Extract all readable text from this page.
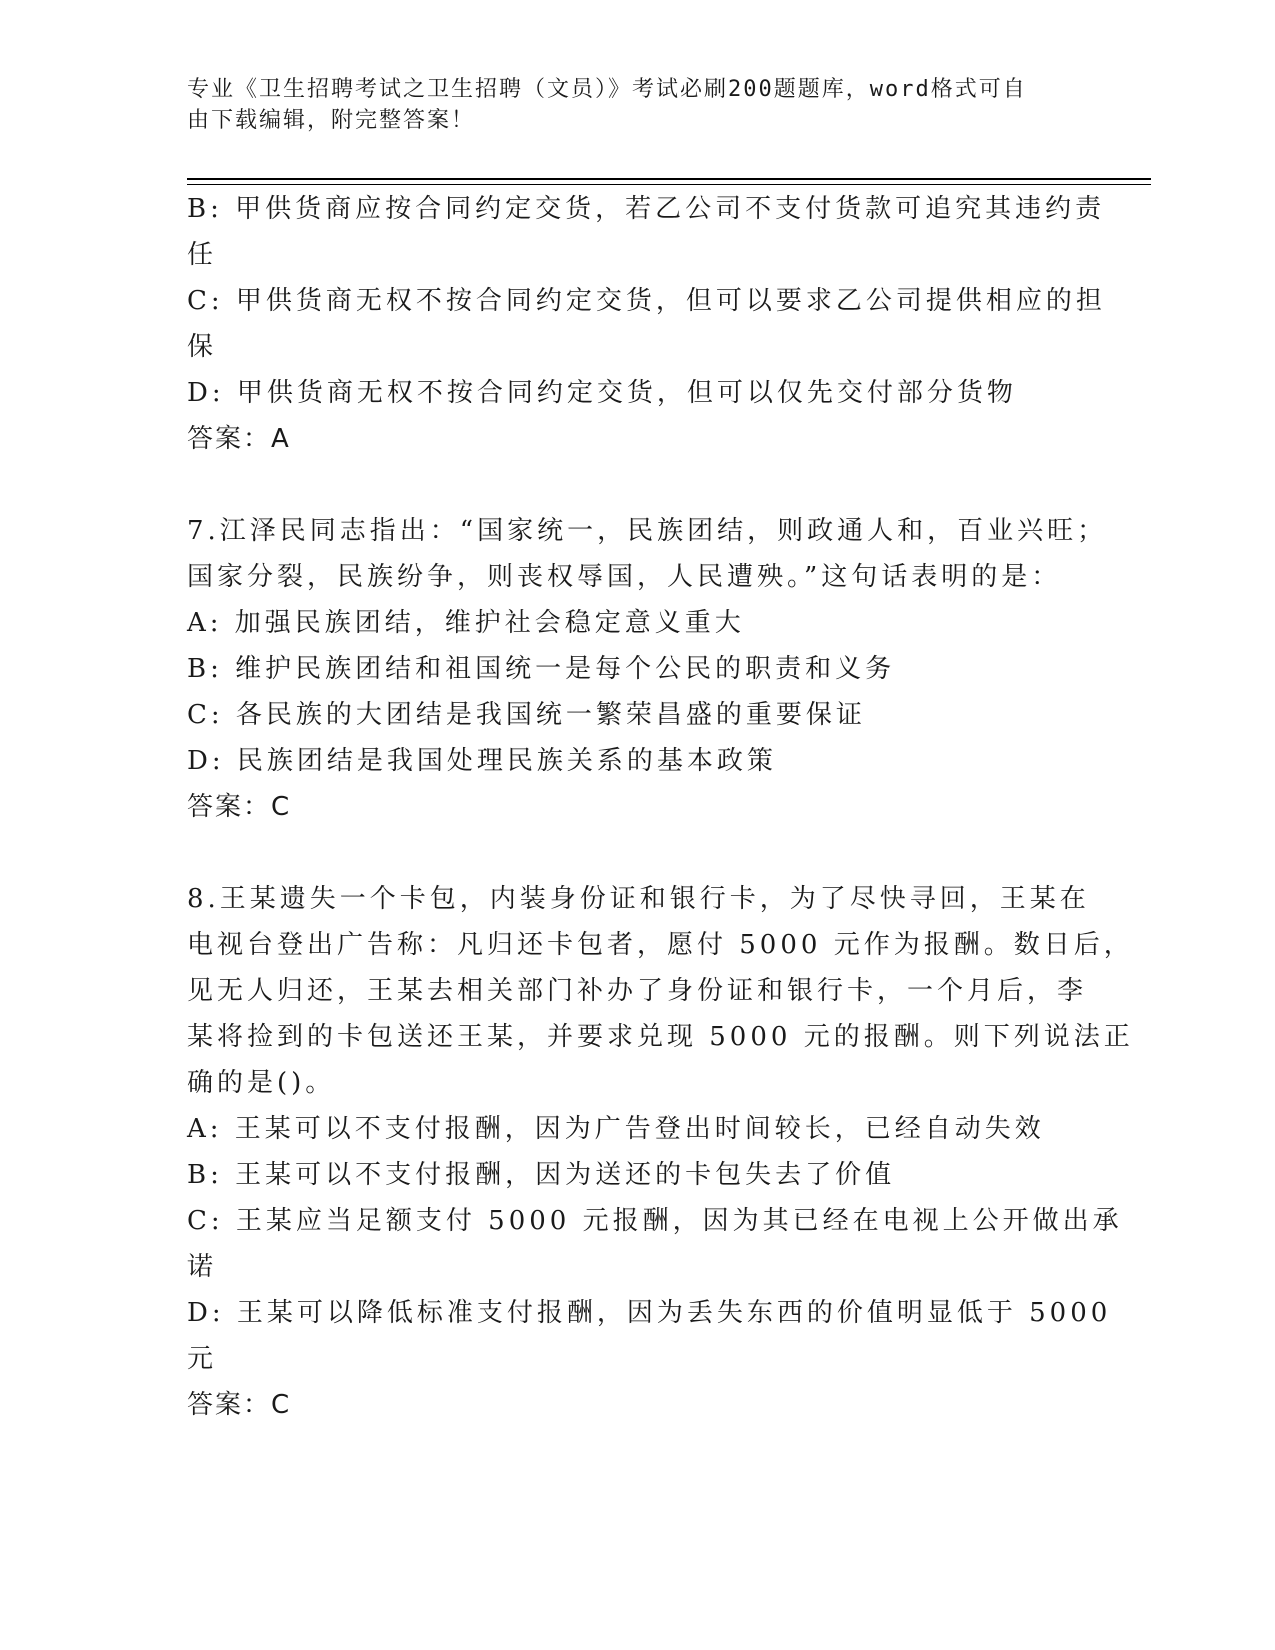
专业《卫生招聘考试之卫生招聘（文员）》考试必刷200题题库，word格式可自
由下载编辑，附完整答案！
B: 甲供货商应按合同约定交货，若乙公司不支付货款可追究其违约责
任
C: 甲供货商无权不按合同约定交货，但可以要求乙公司提供相应的担
保
D: 甲供货商无权不按合同约定交货，但可以仅先交付部分货物
答案：A
7.江泽民同志指出：“国家统一，民族团结，则政通人和，百业兴旺；
国家分裂，民族纷争，则丧权辱国，人民遭殃。”这句话表明的是：
A: 加强民族团结，维护社会稳定意义重大
B: 维护民族团结和祖国统一是每个公民的职责和义务
C: 各民族的大团结是我国统一繁荣昌盛的重要保证
D: 民族团结是我国处理民族关系的基本政策
答案：C
8.王某遗失一个卡包，内装身份证和银行卡，为了尽快寻回，王某在
电视台登出广告称：凡归还卡包者，愿付 5000 元作为报酬。数日后，
见无人归还，王某去相关部门补办了身份证和银行卡，一个月后，李
某将捡到的卡包送还王某，并要求兑现 5000 元的报酬。则下列说法正
确的是()。
A: 王某可以不支付报酬，因为广告登出时间较长，已经自动失效
B: 王某可以不支付报酬，因为送还的卡包失去了价值
C: 王某应当足额支付 5000 元报酬，因为其已经在电视上公开做出承
诺
D: 王某可以降低标准支付报酬，因为丢失东西的价值明显低于 5000
元
答案：C
